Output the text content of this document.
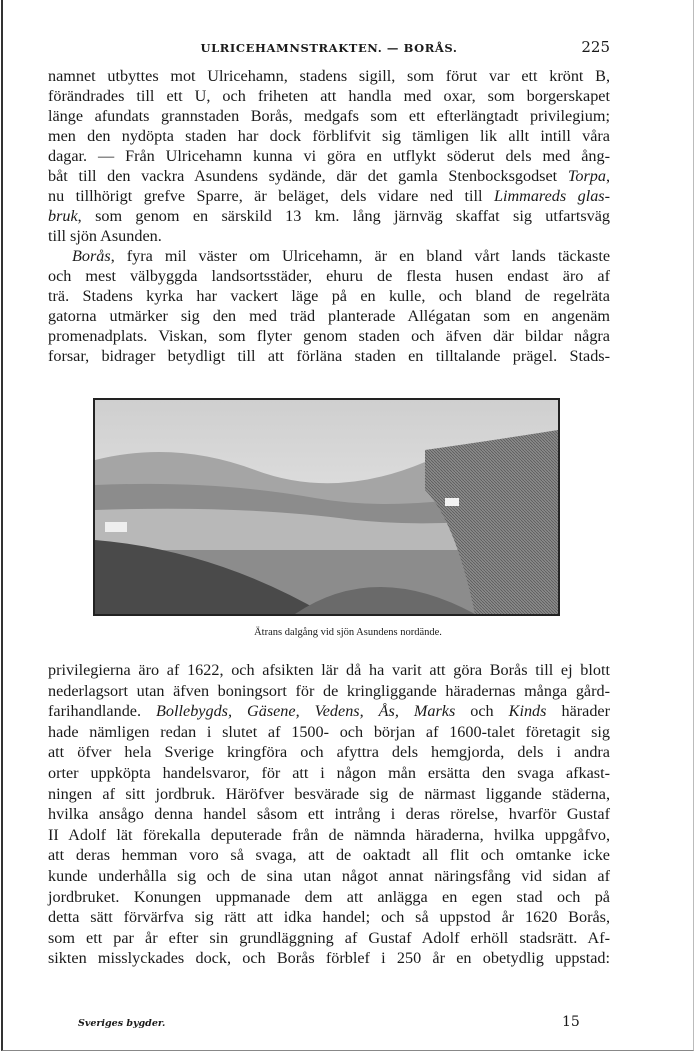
ULRICEHAMNSTRAKTEN. — BORÅS.	225
namnet utbyttes mot Ulricehamn, stadens sigill, som förut var ett krönt B,
förändrades till ett U, och friheten att handla med oxar, som borgerskapet
länge afundats grannstaden Borås, medgafs som ett efterlängtadt privilegium;
men den nydöpta staden har dock förblifvit sig tämligen lik allt intill våra
dagar. — Från Ulricehamn kunna vi göra en utflykt söderut dels med ång-
båt till den vackra Asundens sydände, där det gamla Stenbocksgodset Torpa,
nu tillhörigt grefve Sparre, är beläget, dels vidare ned till Limmareds glas-
bruk, som genom en särskild 13 km. lång järnväg skaffat sig utfartsväg
till sjön Asunden.
Borås, fyra mil väster om Ulricehamn, är en bland vårt lands täckaste
och mest välbyggda landsortsstäder, ehuru de flesta husen endast äro af
trä. Stadens kyrka har vackert läge på en kulle, och bland de regelräta
gatorna utmärker sig den med träd planterade Allégatan som en angenäm
promenadplats. Viskan, som flyter genom staden och äfven där bildar några
forsar, bidrager betydligt till att förläna staden en tilltalande prägel. Stads-
Ätrans dalgång vid sjön Asundens nordände.
privilegierna äro af 1622, och afsikten lär då ha varit att göra Borås till ej blott
nederlagsort utan äfven boningsort för de kringliggande häradernas många gård-
farihandlande. Bollebygds, Gäsene, Vedens, Ås, Marks och Kinds härader
hade nämligen redan i slutet af 1500- och början af 1600-talet företagit sig
att öfver hela Sverige kringföra och afyttra dels hemgjorda, dels i andra
orter uppköpta handelsvaror, för att i någon mån ersätta den svaga afkast-
ningen af sitt jordbruk. Häröfver besvärade sig de närmast liggande städerna,
hvilka ansågo denna handel såsom ett intrång i deras rörelse, hvarför Gustaf
II Adolf lät förekalla deputerade från de nämnda häraderna, hvilka uppgåfvo,
att deras hemman voro så svaga, att de oaktadt all flit och omtanke icke
kunde underhålla sig och de sina utan något annat näringsfång vid sidan af
jordbruket. Konungen uppmanade dem att anlägga en egen stad och på
detta sätt förvärfva sig rätt att idka handel; och så uppstod år 1620 Borås,
som ett par år efter sin grundläggning af Gustaf Adolf erhöll stadsrätt. Af-
sikten misslyckades dock, och Borås förblef i 250 år en obetydlig uppstad:
Sveriges bygder.	15
